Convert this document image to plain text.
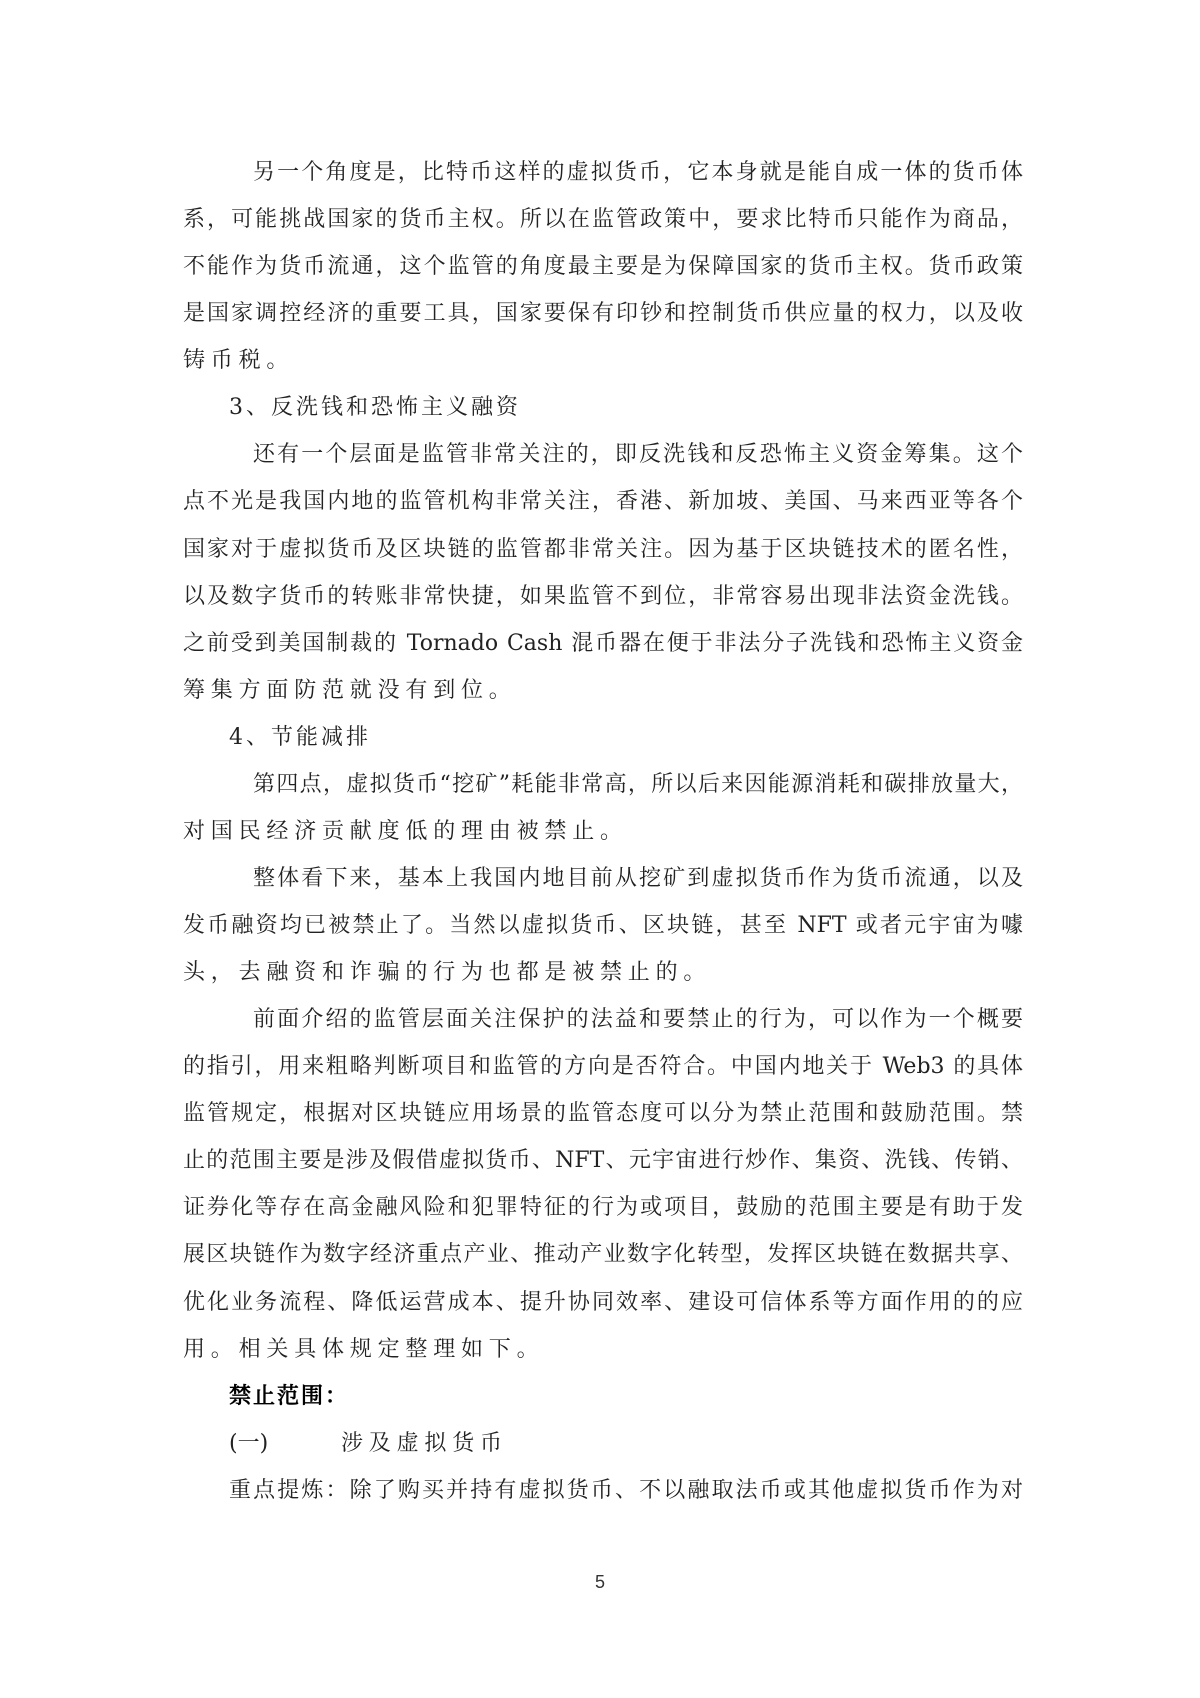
另一个角度是，比特币这样的虚拟货币，它本身就是能自成一体的货币体
系，可能挑战国家的货币主权。所以在监管政策中，要求比特币只能作为商品，
不能作为货币流通，这个监管的角度最主要是为保障国家的货币主权。货币政策
是国家调控经济的重要工具，国家要保有印钞和控制货币供应量的权力，以及收
铸币税。
3、反洗钱和恐怖主义融资
还有一个层面是监管非常关注的，即反洗钱和反恐怖主义资金筹集。这个
点不光是我国内地的监管机构非常关注，香港、新加坡、美国、马来西亚等各个
国家对于虚拟货币及区块链的监管都非常关注。因为基于区块链技术的匿名性，
以及数字货币的转账非常快捷，如果监管不到位，非常容易出现非法资金洗钱。
之前受到美国制裁的 Tornado Cash 混币器在便于非法分子洗钱和恐怖主义资金
筹集方面防范就没有到位。
4、节能减排
第四点，虚拟货币“挖矿”耗能非常高，所以后来因能源消耗和碳排放量大，
对国民经济贡献度低的理由被禁止。
整体看下来，基本上我国内地目前从挖矿到虚拟货币作为货币流通，以及
发币融资均已被禁止了。当然以虚拟货币、区块链，甚至 NFT 或者元宇宙为噱
头，去融资和诈骗的行为也都是被禁止的。
前面介绍的监管层面关注保护的法益和要禁止的行为，可以作为一个概要
的指引，用来粗略判断项目和监管的方向是否符合。中国内地关于 Web3 的具体
监管规定，根据对区块链应用场景的监管态度可以分为禁止范围和鼓励范围。禁
止的范围主要是涉及假借虚拟货币、NFT、元宇宙进行炒作、集资、洗钱、传销、
证券化等存在高金融风险和犯罪特征的行为或项目，鼓励的范围主要是有助于发
展区块链作为数字经济重点产业、推动产业数字化转型，发挥区块链在数据共享、
优化业务流程、降低运营成本、提升协同效率、建设可信体系等方面作用的的应
用。相关具体规定整理如下。
禁止范围：
(一)	涉及虚拟货币
重点提炼：除了购买并持有虚拟货币、不以融取法币或其他虚拟货币作为对
5
